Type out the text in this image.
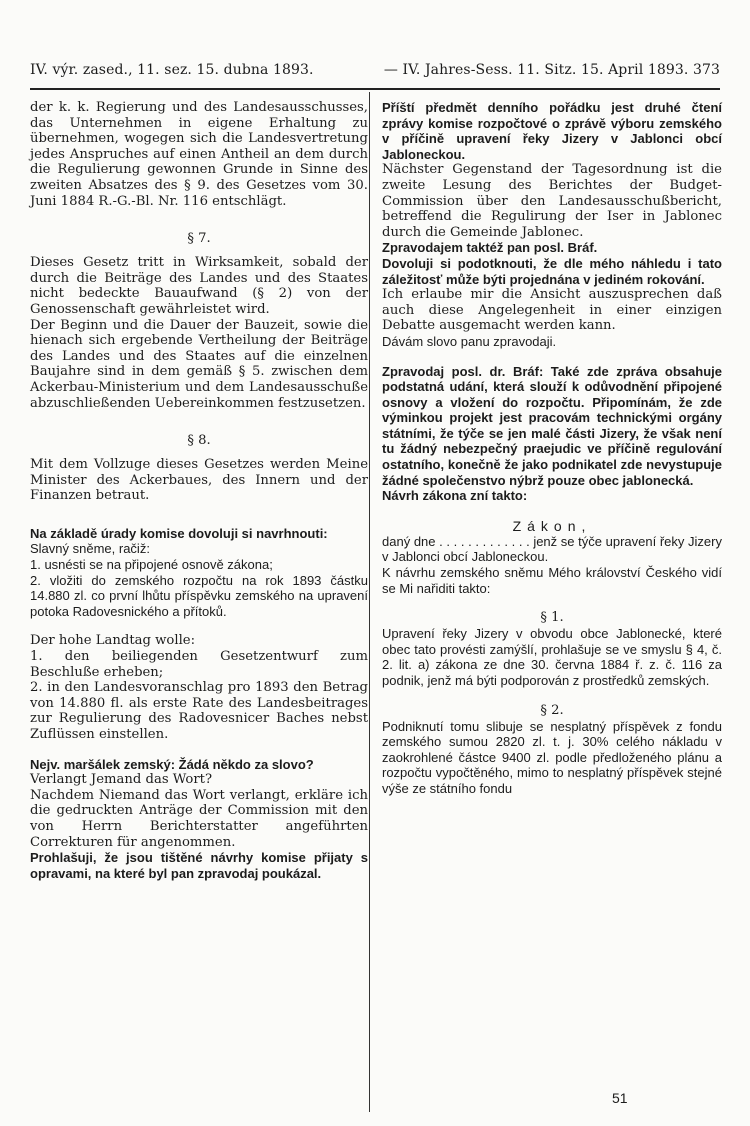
IV. výr. zased., 11. sez. 15. dubna 1893.	— IV. Jahres-Sess. 11. Sitz. 15. April 1893. 373

der k. k. Regierung und des Landesausschusses, das Unternehmen in eigene Erhaltung zu übernehmen, wogegen sich die Landesvertretung jedes Anspruches auf einen Antheil an dem durch die Regulierung gewonnen Grunde in Sinne des zweiten Absatzes des § 9. des Gesetzes vom 30. Juni 1884 R.-G.-Bl. Nr. 116 entschlägt.

§ 7.

Dieses Gesetz tritt in Wirksamkeit, sobald der durch die Beiträge des Landes und des Staates nicht bedeckte Bauaufwand (§ 2) von der Genossenschaft gewährleistet wird.

Der Beginn und die Dauer der Bauzeit, sowie die hienach sich ergebende Vertheilung der Beiträge des Landes und des Staates auf die einzelnen Baujahre sind in dem gemäß § 5. zwischen dem Ackerbau-Ministerium und dem Landesausschuße abzuschließenden Uebereinkommen festzusetzen.

§ 8.

Mit dem Vollzuge dieses Gesetzes werden Meine Minister des Ackerbaues, des Innern und der Finanzen betraut.

Na základě úrady komise dovoluji si navrhnouti:

Slavný sněme, račiž:

1. usnésti se na připojené osnově zákona;

2. vložiti do zemského rozpočtu na rok 1893 částku 14.880 zl. co první lhůtu příspěvku zemského na upravení potoka Radovesnického a přítoků.

Der hohe Landtag wolle:

1. den beiliegenden Gesetzentwurf zum Beschluße erheben;

2. in den Landesvoranschlag pro 1893 den Betrag von 14.880 fl. als erste Rate des Landesbeitrages zur Regulierung des Radovesnicer Baches nebst Zuflüssen einstellen.

Nejv. maršálek zemský: Žádá někdo za slovo?

Verlangt Jemand das Wort?

Nachdem Niemand das Wort verlangt, erkläre ich die gedruckten Anträge der Commission mit den von Herrn Berichterstatter angeführten Correkturen für angenommen.

Prohlašuji, že jsou tištěné návrhy komise přijaty s opravami, na které byl pan zpravodaj poukázal.

Příští předmět denního pořádku jest druhé čtení zprávy komise rozpočtové o zprávě výboru zemského v příčině upravení řeky Jizery v Jablonci obcí Jabloneckou.

Nächster Gegenstand der Tagesordnung ist die zweite Lesung des Berichtes der Budget-Commission über den Landesausschußbericht, betreffend die Regulirung der Iser in Jablonec durch die Gemeinde Jablonec.

Zpravodajem taktéž pan posl. Bráf.

Dovoluji si podotknouti, že dle mého náhledu i tato záležitosť může býti projednána v jediném rokování.

Ich erlaube mir die Ansicht auszusprechen daß auch diese Angelegenheit in einer einzigen Debatte ausgemacht werden kann.

Dávám slovo panu zpravodaji.

Zpravodaj posl. dr. Bráf: Také zde zpráva obsahuje podstatná udání, která slouží k odůvodnění připojené osnovy a vložení do rozpočtu. Připomínám, že zde výminkou projekt jest pracovám technickými orgány státními, že týče se jen malé části Jizery, že však není tu žádný nebezpečný praejudic ve příčině regulování ostatního, konečně že jako podnikatel zde nevystupuje žádné společenstvo nýbrž pouze obec jablonecká.

Návrh zákona zní takto:

Zákon,

daný dne . . . . . . . . . . . . . jenž se týče upravení řeky Jizery v Jablonci obcí Jabloneckou.

K návrhu zemského sněmu Mého království Českého vidí se Mi nařiditi takto:

§ 1.

Upravení řeky Jizery v obvodu obce Jablonecké, které obec tato provésti zamýšlí, prohlašuje se ve smyslu § 4, č. 2. lit. a) zákona ze dne 30. června 1884 ř. z. č. 116 za podnik, jenž má býti podporován z prostředků zemských.

§ 2.

Podniknutí tomu slibuje se nesplatný příspěvek z fondu zemského sumou 2820 zl. t. j. 30% celého nákladu v zaokrohlené částce 9400 zl. podle předloženého plánu a rozpočtu vypočtěného, mimo to nesplatný příspěvek stejné výše ze státního fondu

51
